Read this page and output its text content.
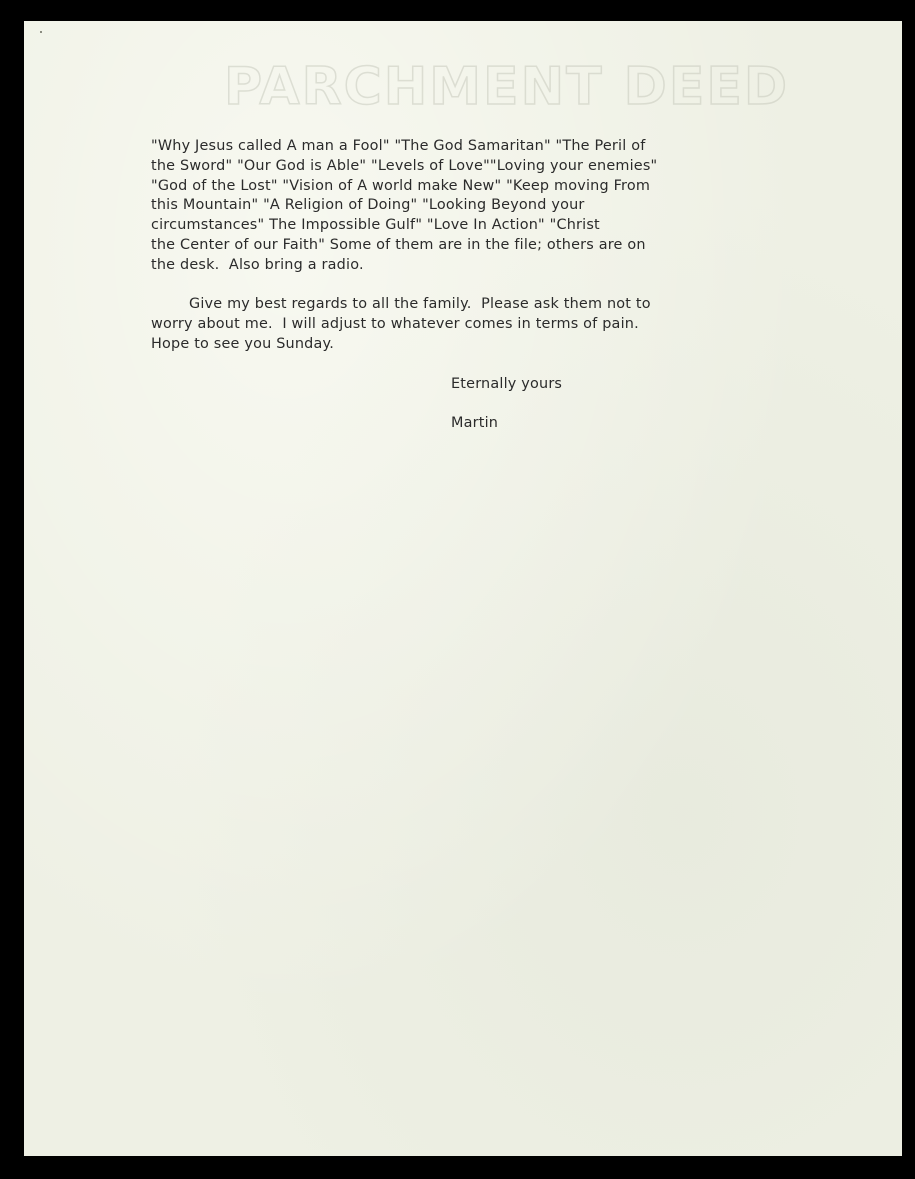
PARCHMENT DEED
"Why Jesus called A man a Fool" "The God Samaritan" "The Peril of
the Sword" "Our God is Able" "Levels of Love""Loving your enemies"
"God of the Lost" "Vision of A world make New" "Keep moving From
this Mountain" "A Religion of Doing" "Looking Beyond your
circumstances" The Impossible Gulf" "Love In Action" "Christ
the Center of our Faith" Some of them are in the file; others are on
the desk.  Also bring a radio.
Give my best regards to all the family.  Please ask them not to
worry about me.  I will adjust to whatever comes in terms of pain.
Hope to see you Sunday.
Eternally yours
Martin
